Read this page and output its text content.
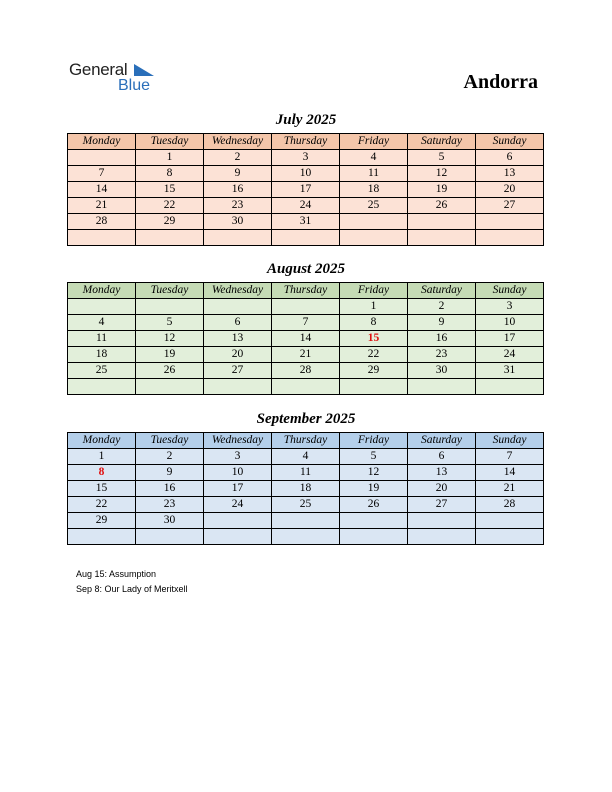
General
Blue	Andorra
July 2025
Monday	Tuesday	Wednesday	Thursday	Friday	Saturday	Sunday
	1	2	3	4	5	6
7	8	9	10	11	12	13
14	15	16	17	18	19	20
21	22	23	24	25	26	27
28	29	30	31			

August 2025
Monday	Tuesday	Wednesday	Thursday	Friday	Saturday	Sunday
				1	2	3
4	5	6	7	8	9	10
11	12	13	14	15	16	17
18	19	20	21	22	23	24
25	26	27	28	29	30	31

September 2025
Monday	Tuesday	Wednesday	Thursday	Friday	Saturday	Sunday
1	2	3	4	5	6	7
8	9	10	11	12	13	14
15	16	17	18	19	20	21
22	23	24	25	26	27	28
29	30					

Aug 15: Assumption
Sep 8: Our Lady of Meritxell
